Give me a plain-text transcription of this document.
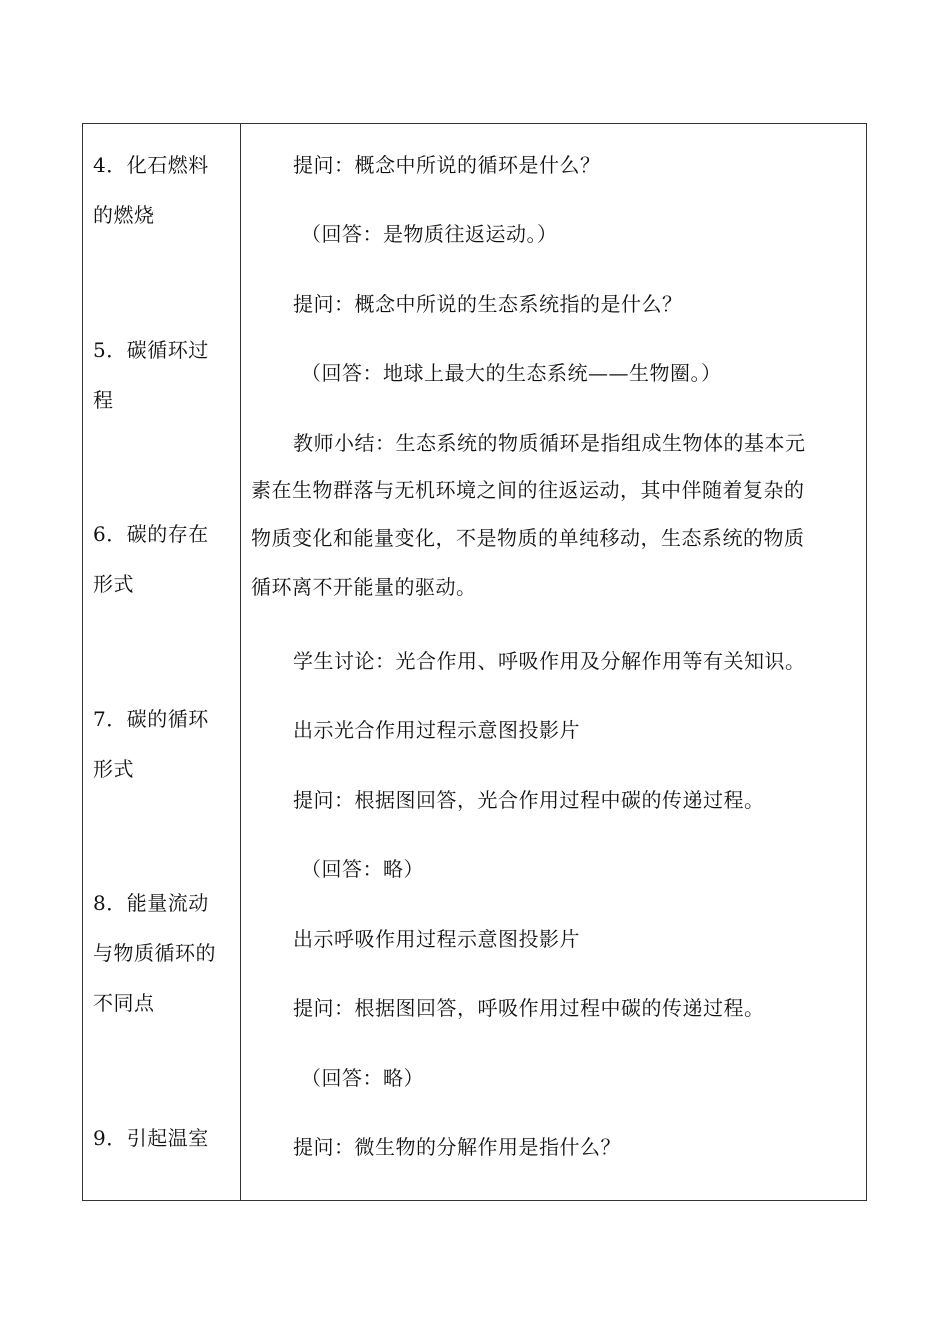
4．化石燃料
的燃烧
5．碳循环过
程
6．碳的存在
形式
7．碳的循环
形式
8．能量流动
与物质循环的
不同点
9．引起温室
提问：概念中所说的循环是什么？
（回答：是物质往返运动。）
提问：概念中所说的生态系统指的是什么？
（回答：地球上最大的生态系统——生物圈。）
教师小结：生态系统的物质循环是指组成生物体的基本元
素在生物群落与无机环境之间的往返运动，其中伴随着复杂的
物质变化和能量变化，不是物质的单纯移动，生态系统的物质
循环离不开能量的驱动。
学生讨论：光合作用、呼吸作用及分解作用等有关知识。
出示光合作用过程示意图投影片
提问：根据图回答，光合作用过程中碳的传递过程。
（回答：略）
出示呼吸作用过程示意图投影片
提问：根据图回答，呼吸作用过程中碳的传递过程。
（回答：略）
提问：微生物的分解作用是指什么？
